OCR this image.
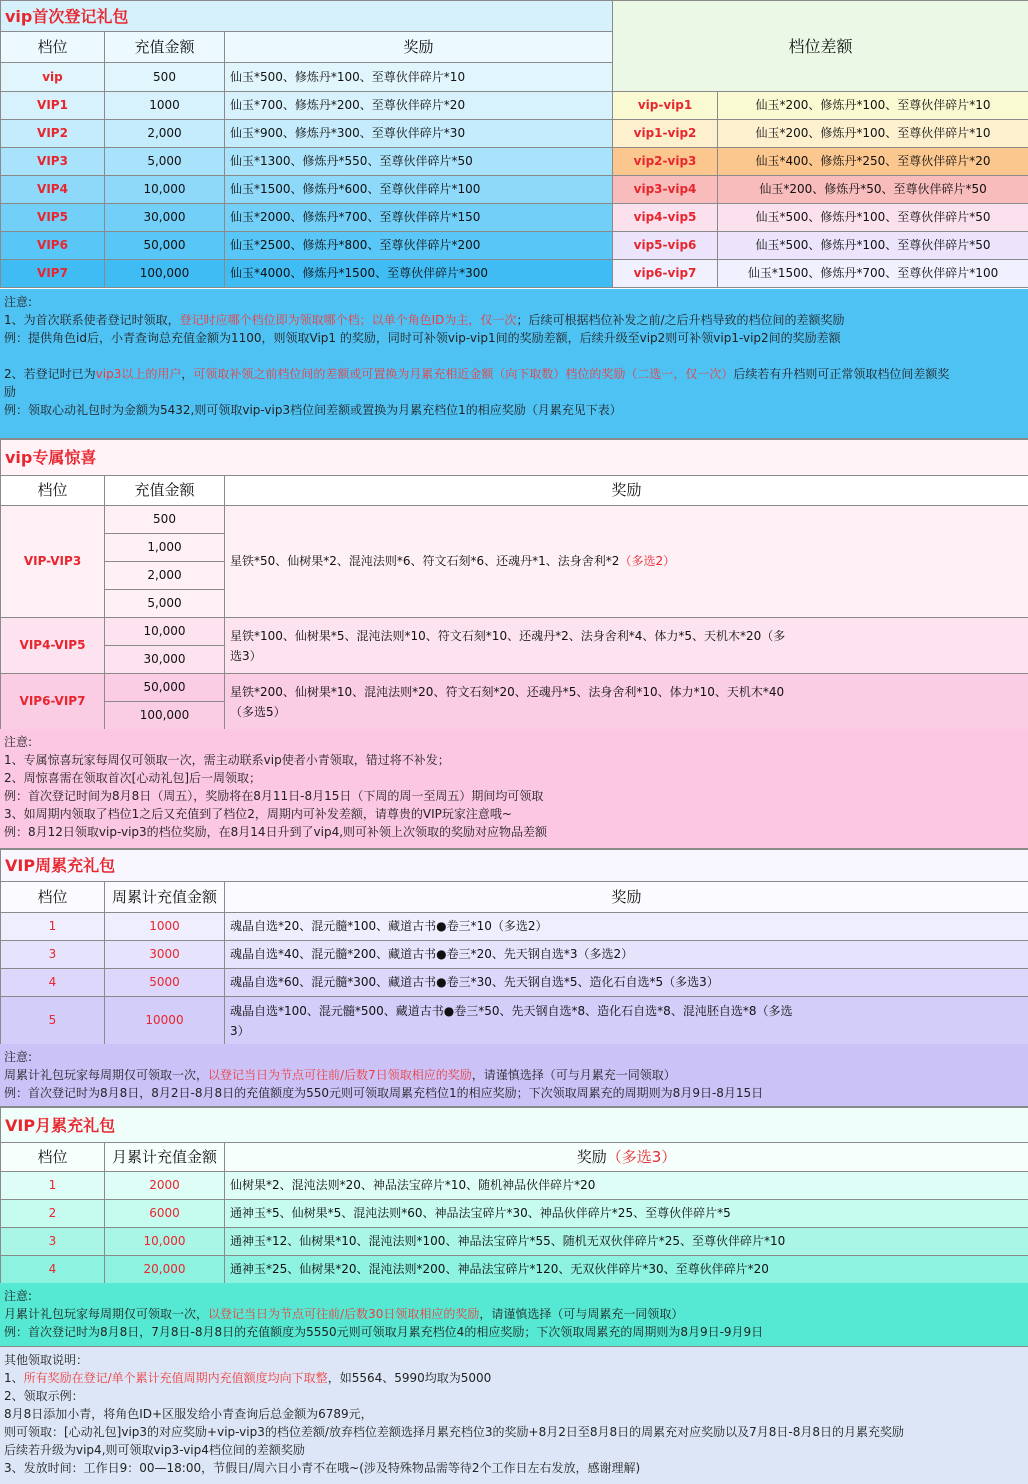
vip首次登记礼包			档位差额	
档位	充值金额	奖励		
vip	500	仙玉*500、修炼丹*100、至尊伙伴碎片*10		
VIP1	1000	仙玉*700、修炼丹*200、至尊伙伴碎片*20	vip-vip1	仙玉*200、修炼丹*100、至尊伙伴碎片*10
VIP2	2,000	仙玉*900、修炼丹*300、至尊伙伴碎片*30	vip1-vip2	仙玉*200、修炼丹*100、至尊伙伴碎片*10
VIP3	5,000	仙玉*1300、修炼丹*550、至尊伙伴碎片*50	vip2-vip3	仙玉*400、修炼丹*250、至尊伙伴碎片*20
VIP4	10,000	仙玉*1500、修炼丹*600、至尊伙伴碎片*100	vip3-vip4	仙玉*200、修炼丹*50、至尊伙伴碎片*50
VIP5	30,000	仙玉*2000、修炼丹*700、至尊伙伴碎片*150	vip4-vip5	仙玉*500、修炼丹*100、至尊伙伴碎片*50
VIP6	50,000	仙玉*2500、修炼丹*800、至尊伙伴碎片*200	vip5-vip6	仙玉*500、修炼丹*100、至尊伙伴碎片*50
VIP7	100,000	仙玉*4000、修炼丹*1500、至尊伙伴碎片*300	vip6-vip7	仙玉*1500、修炼丹*700、至尊伙伴碎片*100

注意:

1、为首次联系使者登记时领取，登记时应哪个档位即为领取哪个档；以单个角色ID为主，仅一次；后续可根据档位补发之前/之后升档导致的档位间的差额奖励

例：提供角色id后，小青查询总充值金额为1100，则领取Vip1 的奖励，同时可补领vip-vip1间的奖励差额，后续升级至vip2则可补领vip1-vip2间的奖励差额

2、若登记时已为vip3以上的用户，可领取补领之前档位间的差额或可置换为月累充相近金额（向下取数）档位的奖励（二选一，仅一次）后续若有升档则可正常领取档位间差额奖

励

例：领取心动礼包时为金额为5432,则可领取vip-vip3档位间差额或置换为月累充档位1的相应奖励（月累充见下表）

vip专属惊喜		
档位	充值金额	奖励
VIP-VIP3	500	星铁*50、仙树果*2、混沌法则*6、符文石刻*6、还魂丹*1、法身舍利*2（多选2）
	1,000	
	2,000	
	5,000	
VIP4-VIP5	10,000	星铁*100、仙树果*5、混沌法则*10、符文石刻*10、还魂丹*2、法身舍利*4、体力*5、天机木*20（多
选3）

	30,000	
VIP6-VIP7	50,000	星铁*200、仙树果*10、混沌法则*20、符文石刻*20、还魂丹*5、法身舍利*10、体力*10、天机木*40
（多选5）

	100,000	

注意:

1、专属惊喜玩家每周仅可领取一次，需主动联系vip使者小青领取，错过将不补发；

2、周惊喜需在领取首次[心动礼包]后一周领取；

例：首次登记时间为8月8日（周五），奖励将在8月11日-8月15日（下周的周一至周五）期间均可领取

3、如周期内领取了档位1之后又充值到了档位2，周期内可补发差额，请尊贵的VIP玩家注意哦~

例：8月12日领取vip-vip3的档位奖励，在8月14日升到了vip4,则可补领上次领取的奖励对应物品差额

VIP周累充礼包		
档位	周累计充值金额	奖励
1	1000	魂晶自选*20、混元髓*100、藏道古书●卷三*10（多选2）
3	3000	魂晶自选*40、混元髓*200、藏道古书●卷三*20、先天钢自选*3（多选2）
4	5000	魂晶自选*60、混元髓*300、藏道古书●卷三*30、先天钢自选*5、造化石自选*5（多选3）
5	10000	魂晶自选*100、混元髓*500、藏道古书●卷三*50、先天钢自选*8、造化石自选*8、混沌胚自选*8（多选
3）

注意:

周累计礼包玩家每周期仅可领取一次，以登记当日为节点可往前/后数7日领取相应的奖励，请谨慎选择（可与月累充一同领取）

例：首次登记时为8月8日，8月2日-8月8日的充值额度为550元则可领取周累充档位1的相应奖励；下次领取周累充的周期则为8月9日-8月15日

VIP月累充礼包		
档位	月累计充值金额	奖励（多选3）
1	2000	仙树果*2、混沌法则*20、神品法宝碎片*10、随机神品伙伴碎片*20
2	6000	通神玉*5、仙树果*5、混沌法则*60、神品法宝碎片*30、神品伙伴碎片*25、至尊伙伴碎片*5
3	10,000	通神玉*12、仙树果*10、混沌法则*100、神品法宝碎片*55、随机无双伙伴碎片*25、至尊伙伴碎片*10
4	20,000	通神玉*25、仙树果*20、混沌法则*200、神品法宝碎片*120、无双伙伴碎片*30、至尊伙伴碎片*20

注意:

月累计礼包玩家每周期仅可领取一次，以登记当日为节点可往前/后数30日领取相应的奖励，请谨慎选择（可与周累充一同领取）

例：首次登记时为8月8日，7月8日-8月8日的充值额度为5550元则可领取月累充档位4的相应奖励；下次领取周累充的周期则为8月9日-9月9日

其他领取说明：

1、所有奖励在登记/单个累计充值周期内充值额度均向下取整，如5564、5990均取为5000

2、领取示例：

8月8日添加小青，将角色ID+区服发给小青查询后总金额为6789元，

则可领取：[心动礼包]vip3的对应奖励+vip-vip3的档位差额/放弃档位差额选择月累充档位3的奖励+8月2日至8月8日的周累充对应奖励以及7月8日-8月8日的月累充奖励

后续若升级为vip4,则可领取vip3-vip4档位间的差额奖励

3、发放时间：工作日9：00—18:00，节假日/周六日小青不在哦~(涉及特殊物品需等待2个工作日左右发放，感谢理解)
